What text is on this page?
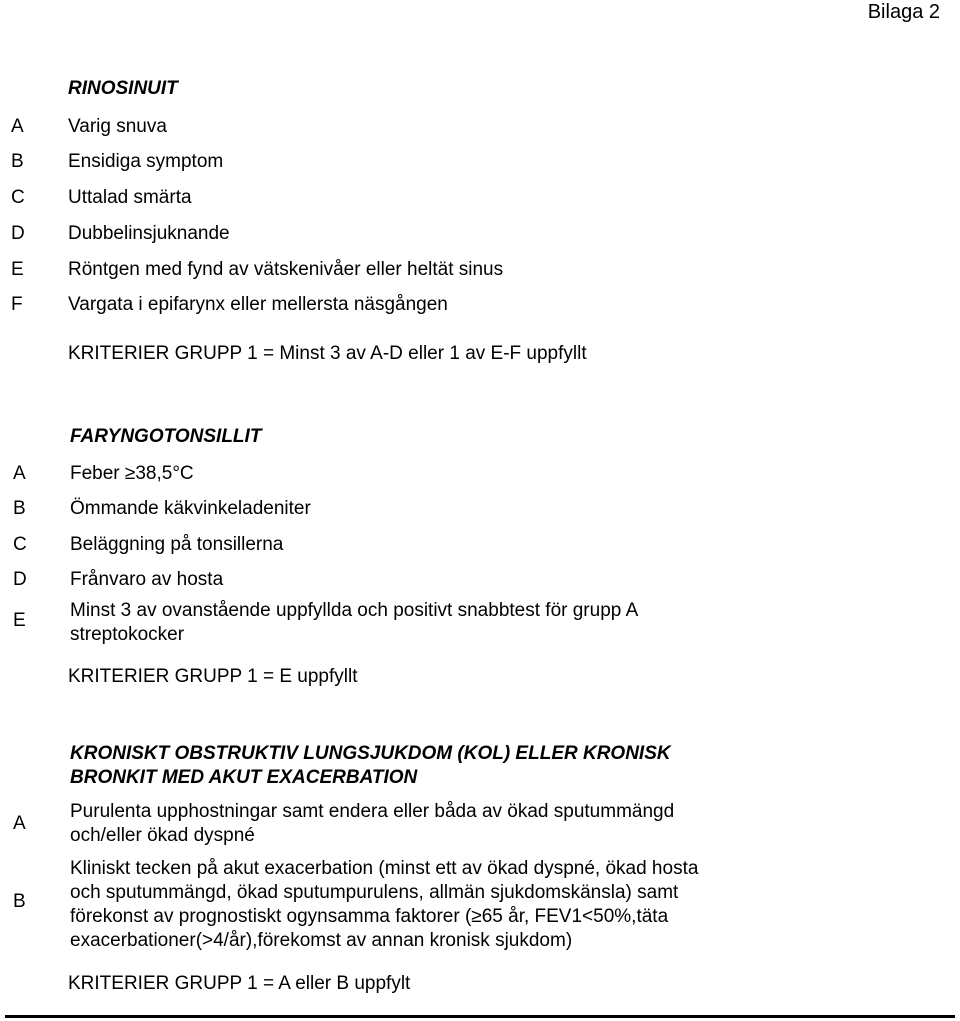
Bilaga 2
RINOSINUIT
A Varig snuva
B Ensidiga symptom
C Uttalad smärta
D Dubbelinsjuknande
E Röntgen med fynd av vätskenivåer eller heltät sinus
F Vargata i epifarynx eller mellersta näsgången
KRITERIER GRUPP 1 = Minst 3 av A-D eller 1 av E-F uppfyllt
FARYNGOTONSILLIT
A Feber ≥38,5°C
B Ömmande käkvinkeladeniter
C Beläggning på tonsillerna
D Frånvaro av hosta
E Minst 3 av ovanstående uppfyllda och positivt snabbtest för grupp A
streptokocker
KRITERIER GRUPP 1 = E uppfyllt
KRONISKT OBSTRUKTIV LUNGSJUKDOM (KOL) ELLER KRONISK
BRONKIT MED AKUT EXACERBATION
A
Purulenta upphostningar samt endera eller båda av ökad sputummängd
och/eller ökad dyspné
B
Kliniskt tecken på akut exacerbation (minst ett av ökad dyspné, ökad hosta
och sputummängd, ökad sputumpurulens, allmän sjukdomskänsla) samt
förekonst av prognostiskt ogynsamma faktorer (≥65 år, FEV1<50%,täta
exacerbationer(>4/år),förekomst av annan kronisk sjukdom)
KRITERIER GRUPP 1 = A eller B uppfylt
